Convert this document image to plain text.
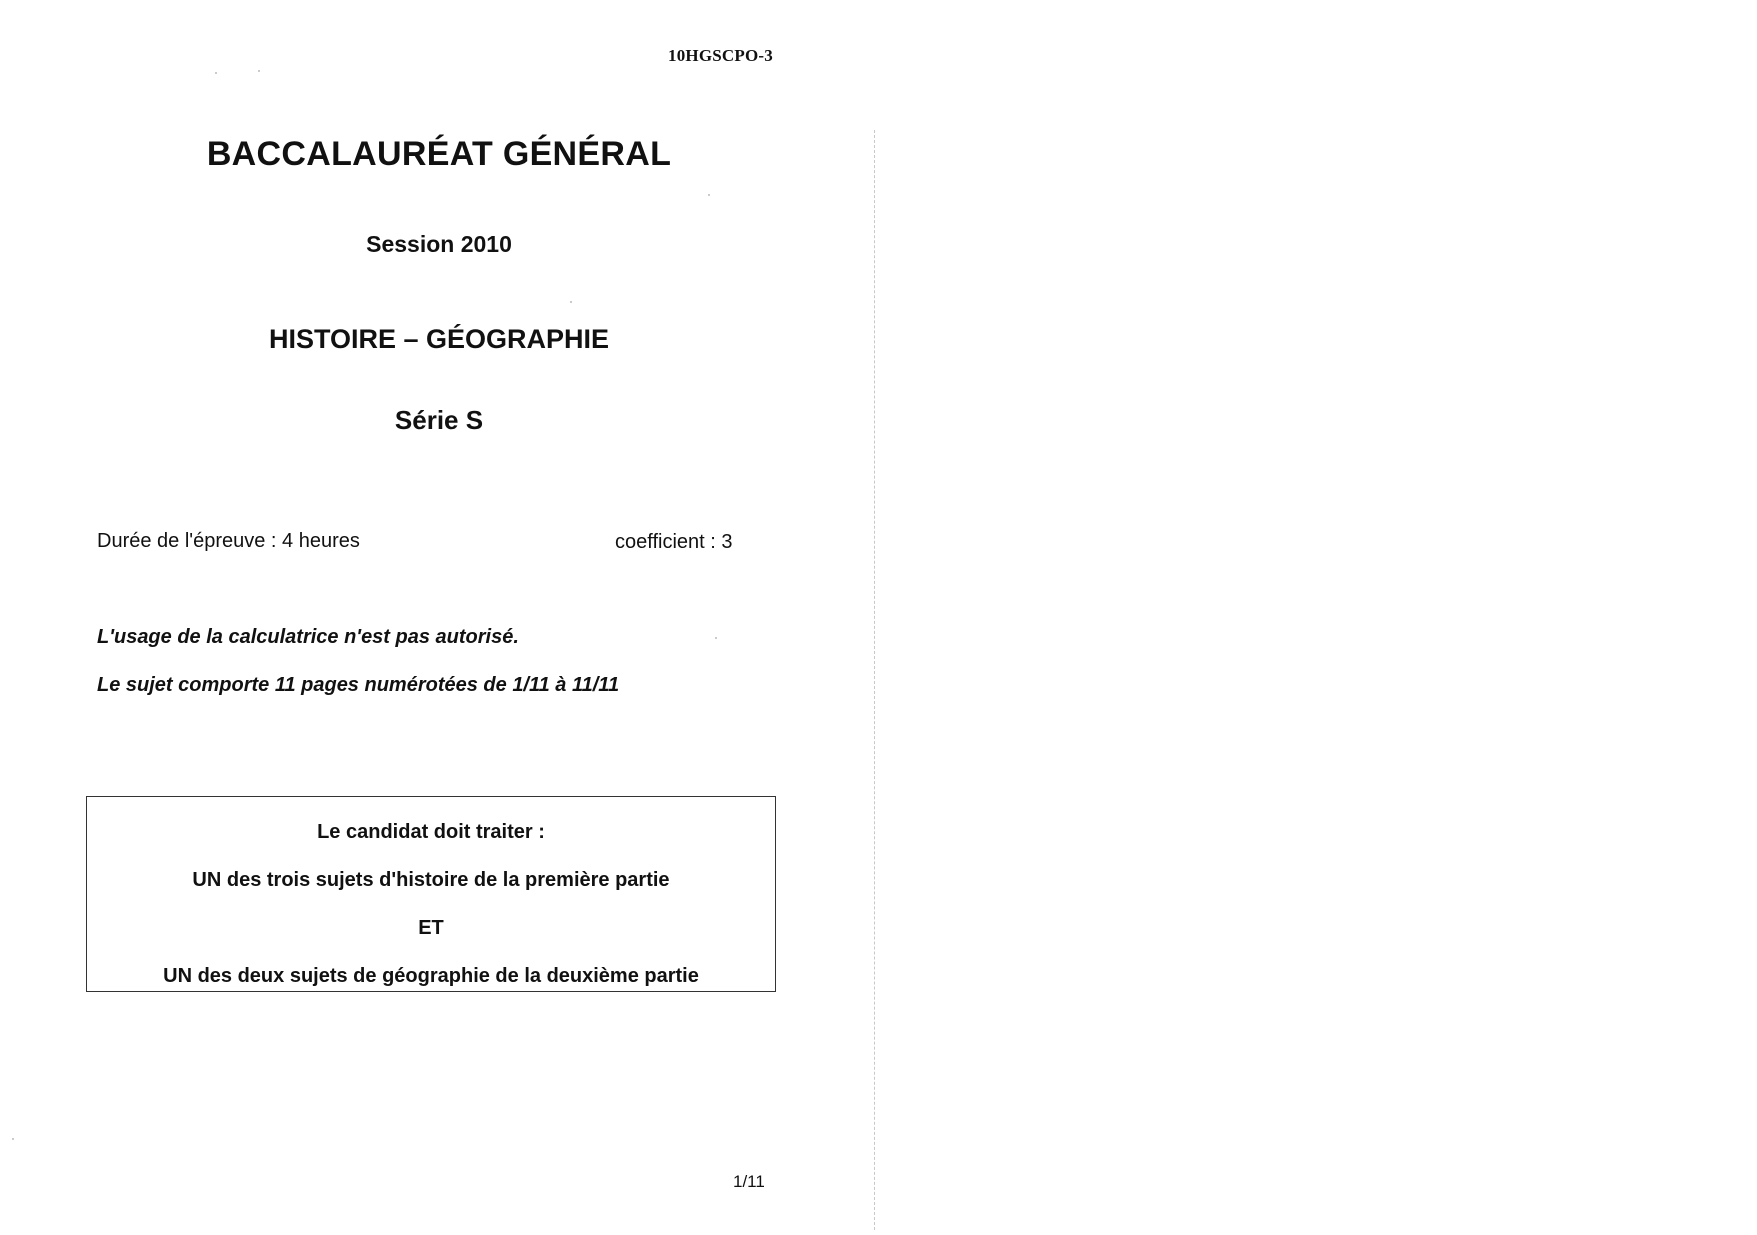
10HGSCPO-3
BACCALAURÉAT GÉNÉRAL
Session 2010
HISTOIRE – GÉOGRAPHIE
Série S
Durée de l'épreuve : 4 heures	coefficient : 3
L'usage de la calculatrice n'est pas autorisé.
Le sujet comporte 11 pages numérotées de 1/11 à 11/11
Le candidat doit traiter :
UN des trois sujets d'histoire de la première partie
ET
UN des deux sujets de géographie de la deuxième partie
1/11
